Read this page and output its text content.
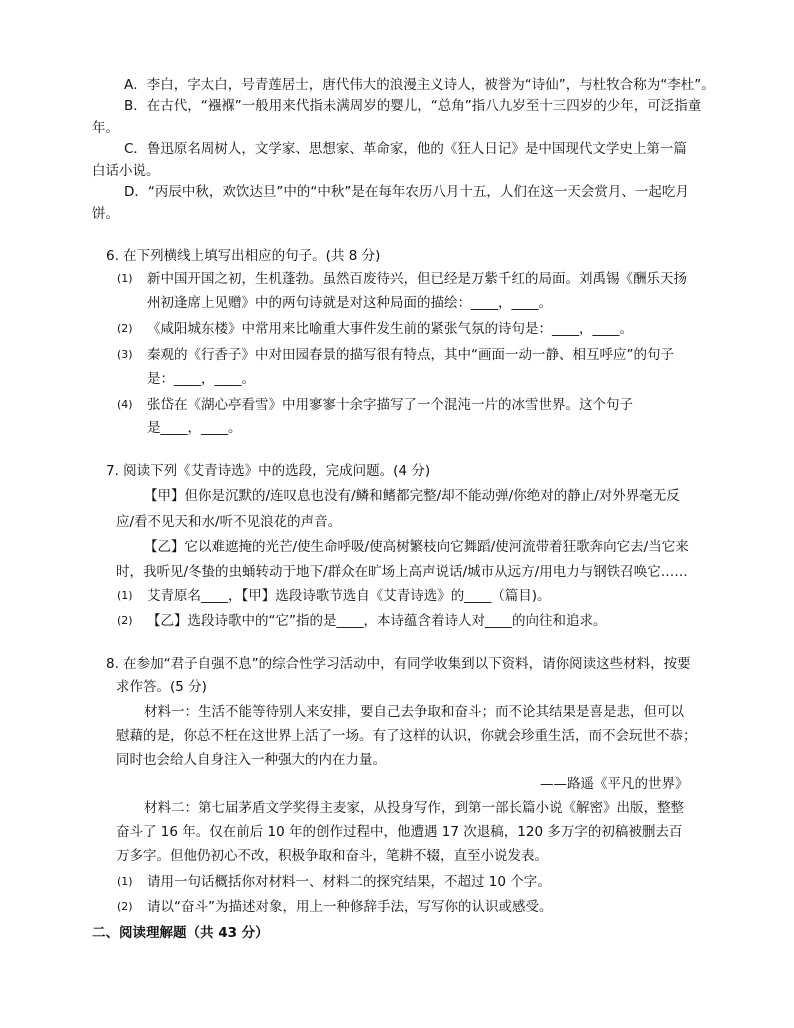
A．李白，字太白，号青莲居士，唐代伟大的浪漫主义诗人，被誉为“诗仙”，与杜牧合称为“李杜”。
B．在古代，“襁褓”一般用来代指未满周岁的婴儿，“总角”指八九岁至十三四岁的少年，可泛指童
年。
C．鲁迅原名周树人，文学家、思想家、革命家，他的《狂人日记》是中国现代文学史上第一篇
白话小说。
D．“丙辰中秋，欢饮达旦”中的“中秋”是在每年农历八月十五，人们在这一天会赏月、一起吃月
饼。
6. 在下列横线上填写出相应的句子。(共 8 分)
(1) 新中国开国之初，生机蓬勃。虽然百废待兴，但已经是万紫千红的局面。刘禹锡《酬乐天扬
州初逢席上见赠》中的两句诗就是对这种局面的描绘：____，____。
(2) 《咸阳城东楼》中常用来比喻重大事件发生前的紧张气氛的诗句是：____，____。
(3) 秦观的《行香子》中对田园春景的描写很有特点，其中“画面一动一静、相互呼应”的句子
是：____，____。
(4) 张岱在《湖心亭看雪》中用寥寥十余字描写了一个混沌一片的冰雪世界。这个句子
是____，____。
7. 阅读下列《艾青诗选》中的选段，完成问题。(4 分)
【甲】但你是沉默的/连叹息也没有/鳞和鳍都完整/却不能动弹/你绝对的静止/对外界毫无反
应/看不见天和水/听不见浪花的声音。
【乙】它以难遮掩的光芒/使生命呼吸/使高树繁枝向它舞蹈/使河流带着狂歌奔向它去/当它来
时，我听见/冬蛰的虫蛹转动于地下/群众在旷场上高声说话/城市从远方/用电力与钢铁召唤它……
(1) 艾青原名____，【甲】选段诗歌节选自《艾青诗选》的____（篇目)。
(2) 【乙】选段诗歌中的“它”指的是____，本诗蕴含着诗人对____的向往和追求。
8. 在参加“君子自强不息”的综合性学习活动中，有同学收集到以下资料，请你阅读这些材料，按要
求作答。(5 分)
材料一：生活不能等待别人来安排，要自己去争取和奋斗；而不论其结果是喜是悲，但可以
慰藉的是，你总不枉在这世界上活了一场。有了这样的认识，你就会珍重生活，而不会玩世不恭；
同时也会给人自身注入一种强大的内在力量。
——路遥《平凡的世界》
材料二：第七届茅盾文学奖得主麦家，从投身写作，到第一部长篇小说《解密》出版，整整
奋斗了 16 年。仅在前后 10 年的创作过程中，他遭遇 17 次退稿，120 多万字的初稿被删去百
万多字。但他仍初心不改，积极争取和奋斗，笔耕不辍，直至小说发表。
(1) 请用一句话概括你对材料一、材料二的探究结果，不超过 10 个字。
(2) 请以“奋斗”为描述对象，用上一种修辞手法，写写你的认识或感受。
二、阅读理解题（共 43 分）
